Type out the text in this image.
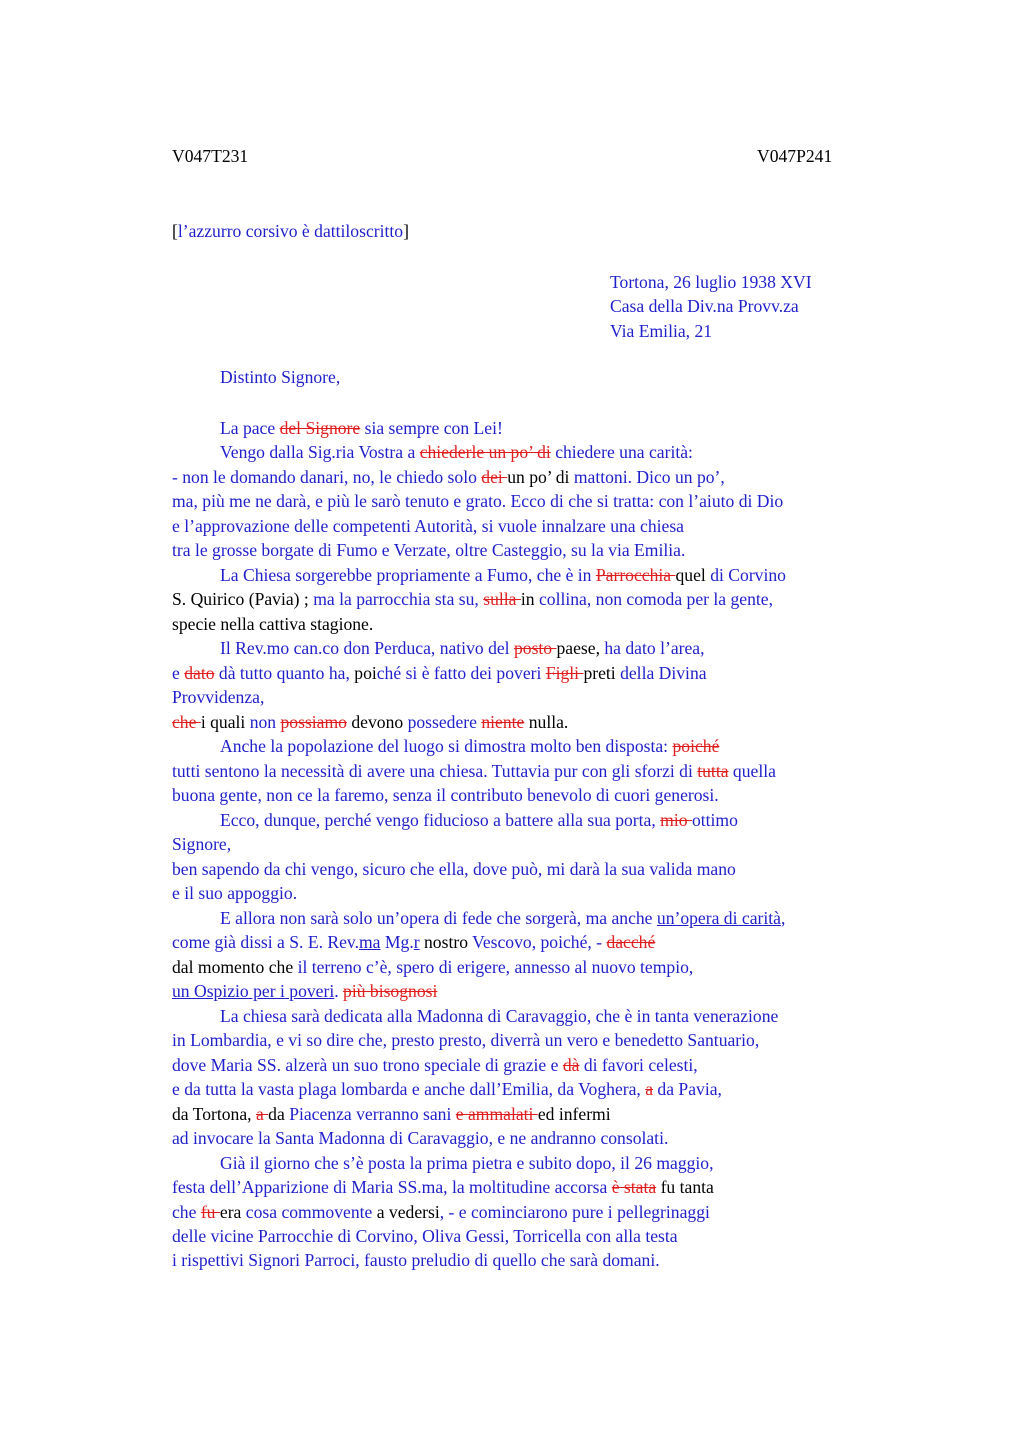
V047T231	V047P241
[l’azzurro corsivo è dattiloscritto]
Tortona, 26 luglio 1938 XVI
Casa della Div.na Provv.za
Via Emilia, 21
Distinto Signore,
La pace del Signore sia sempre con Lei!
Vengo dalla Sig.ria Vostra a chiederle un po’ di chiedere una carità:
- non le domando danari, no, le chiedo solo dei un po’ di mattoni. Dico un po’,
ma, più me ne darà, e più le sarò tenuto e grato. Ecco di che si tratta: con l’aiuto di Dio
e l’approvazione delle competenti Autorità, si vuole innalzare una chiesa
tra le grosse borgate di Fumo e Verzate, oltre Casteggio, su la via Emilia.
La Chiesa sorgerebbe propriamente a Fumo, che è in Parrocchia quel di Corvino
S. Quirico (Pavia) ; ma la parrocchia sta su, sulla in collina, non comoda per la gente,
specie nella cattiva stagione.
Il Rev.mo can.co don Perduca, nativo del posto paese, ha dato l’area,
e dato dà tutto quanto ha, poiché si è fatto dei poveri Figli preti della Divina
Provvidenza,
che i quali non possiamo devono possedere niente nulla.
Anche la popolazione del luogo si dimostra molto ben disposta: poiché
tutti sentono la necessità di avere una chiesa. Tuttavia pur con gli sforzi di tutta quella
buona gente, non ce la faremo, senza il contributo benevolo di cuori generosi.
Ecco, dunque, perché vengo fiducioso a battere alla sua porta, mio ottimo
Signore,
ben sapendo da chi vengo, sicuro che ella, dove può, mi darà la sua valida mano
e il suo appoggio.
E allora non sarà solo un’opera di fede che sorgerà, ma anche un’opera di carità,
come già dissi a S. E. Rev.ma Mg.r nostro Vescovo, poiché, - dacché
dal momento che il terreno c’è, spero di erigere, annesso al nuovo tempio,
un Ospizio per i poveri. più bisognosi
La chiesa sarà dedicata alla Madonna di Caravaggio, che è in tanta venerazione
in Lombardia, e vi so dire che, presto presto, diverrà un vero e benedetto Santuario,
dove Maria SS. alzerà un suo trono speciale di grazie e dà di favori celesti,
e da tutta la vasta plaga lombarda e anche dall’Emilia, da Voghera, a da Pavia,
da Tortona, a da Piacenza verranno sani e ammalati ed infermi
ad invocare la Santa Madonna di Caravaggio, e ne andranno consolati.
Già il giorno che s’è posta la prima pietra e subito dopo, il 26 maggio,
festa dell’Apparizione di Maria SS.ma, la moltitudine accorsa è stata fu tanta
che fu era cosa commovente a vedersi, - e cominciarono pure i pellegrinaggi
delle vicine Parrocchie di Corvino, Oliva Gessi, Torricella con alla testa
i rispettivi Signori Parroci, fausto preludio di quello che sarà domani.
